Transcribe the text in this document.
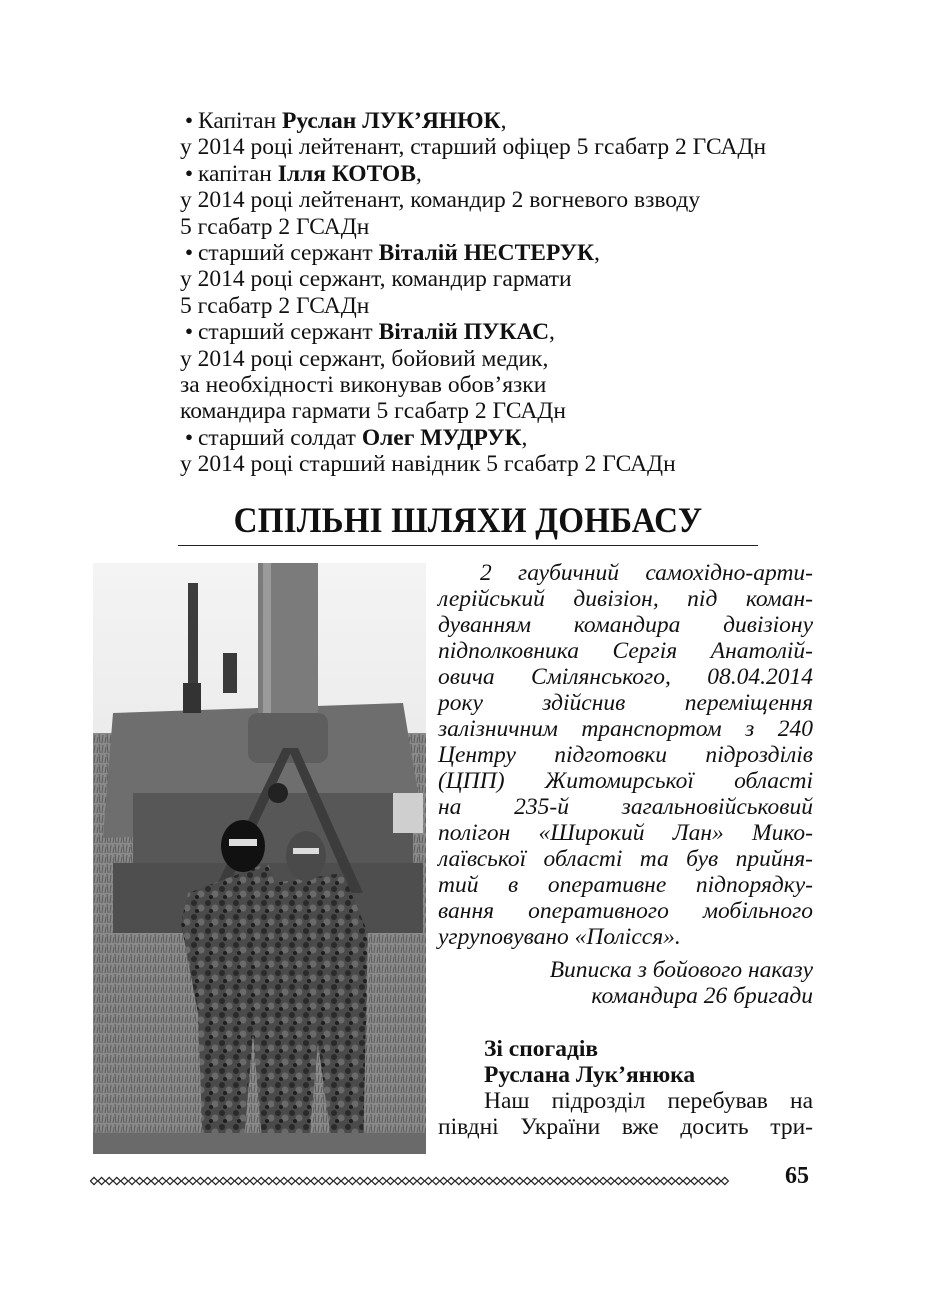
• Капітан Руслан ЛУК’ЯНЮК,
у 2014 році лейтенант, старший офіцер 5 гсабатр 2 ГСАДн
• капітан Ілля КОТОВ,
у 2014 році лейтенант, командир 2 вогневого взводу
5 гсабатр 2 ГСАДн
• старший сержант Віталій НЕСТЕРУК,
у 2014 році сержант, командир гармати
5 гсабатр 2 ГСАДн
• старший сержант Віталій ПУКАС,
у 2014 році сержант, бойовий медик,
за необхідності виконував обов’язки
командира гармати 5 гсабатр 2 ГСАДн
• старший солдат Олег МУДРУК,
у 2014 році старший навідник 5 гсабатр 2 ГСАДн
СПІЛЬНІ ШЛЯХИ ДОНБАСУ
2 гаубичний самохідно-арти-
лерійський дивізіон, під коман-
дуванням командира дивізіону
підполковника Сергія Анатолій-
овича Смілянського, 08.04.2014
року здійснив переміщення
залізничним транспортом з 240
Центру підготовки підрозділів
(ЦПП) Житомирської області
на 235-й загальновійськовий
полігон «Широкий Лан» Мико-
лаївської області та був прийня-
тий в оперативне підпорядку-
вання оперативного мобільного
угруповувано «Полісся».
Виписка з бойового наказу
командира 26 бригади
Зі спогадів
Руслана Лук’янюка
Наш підрозділ перебував на
півдні України вже досить три-
65
